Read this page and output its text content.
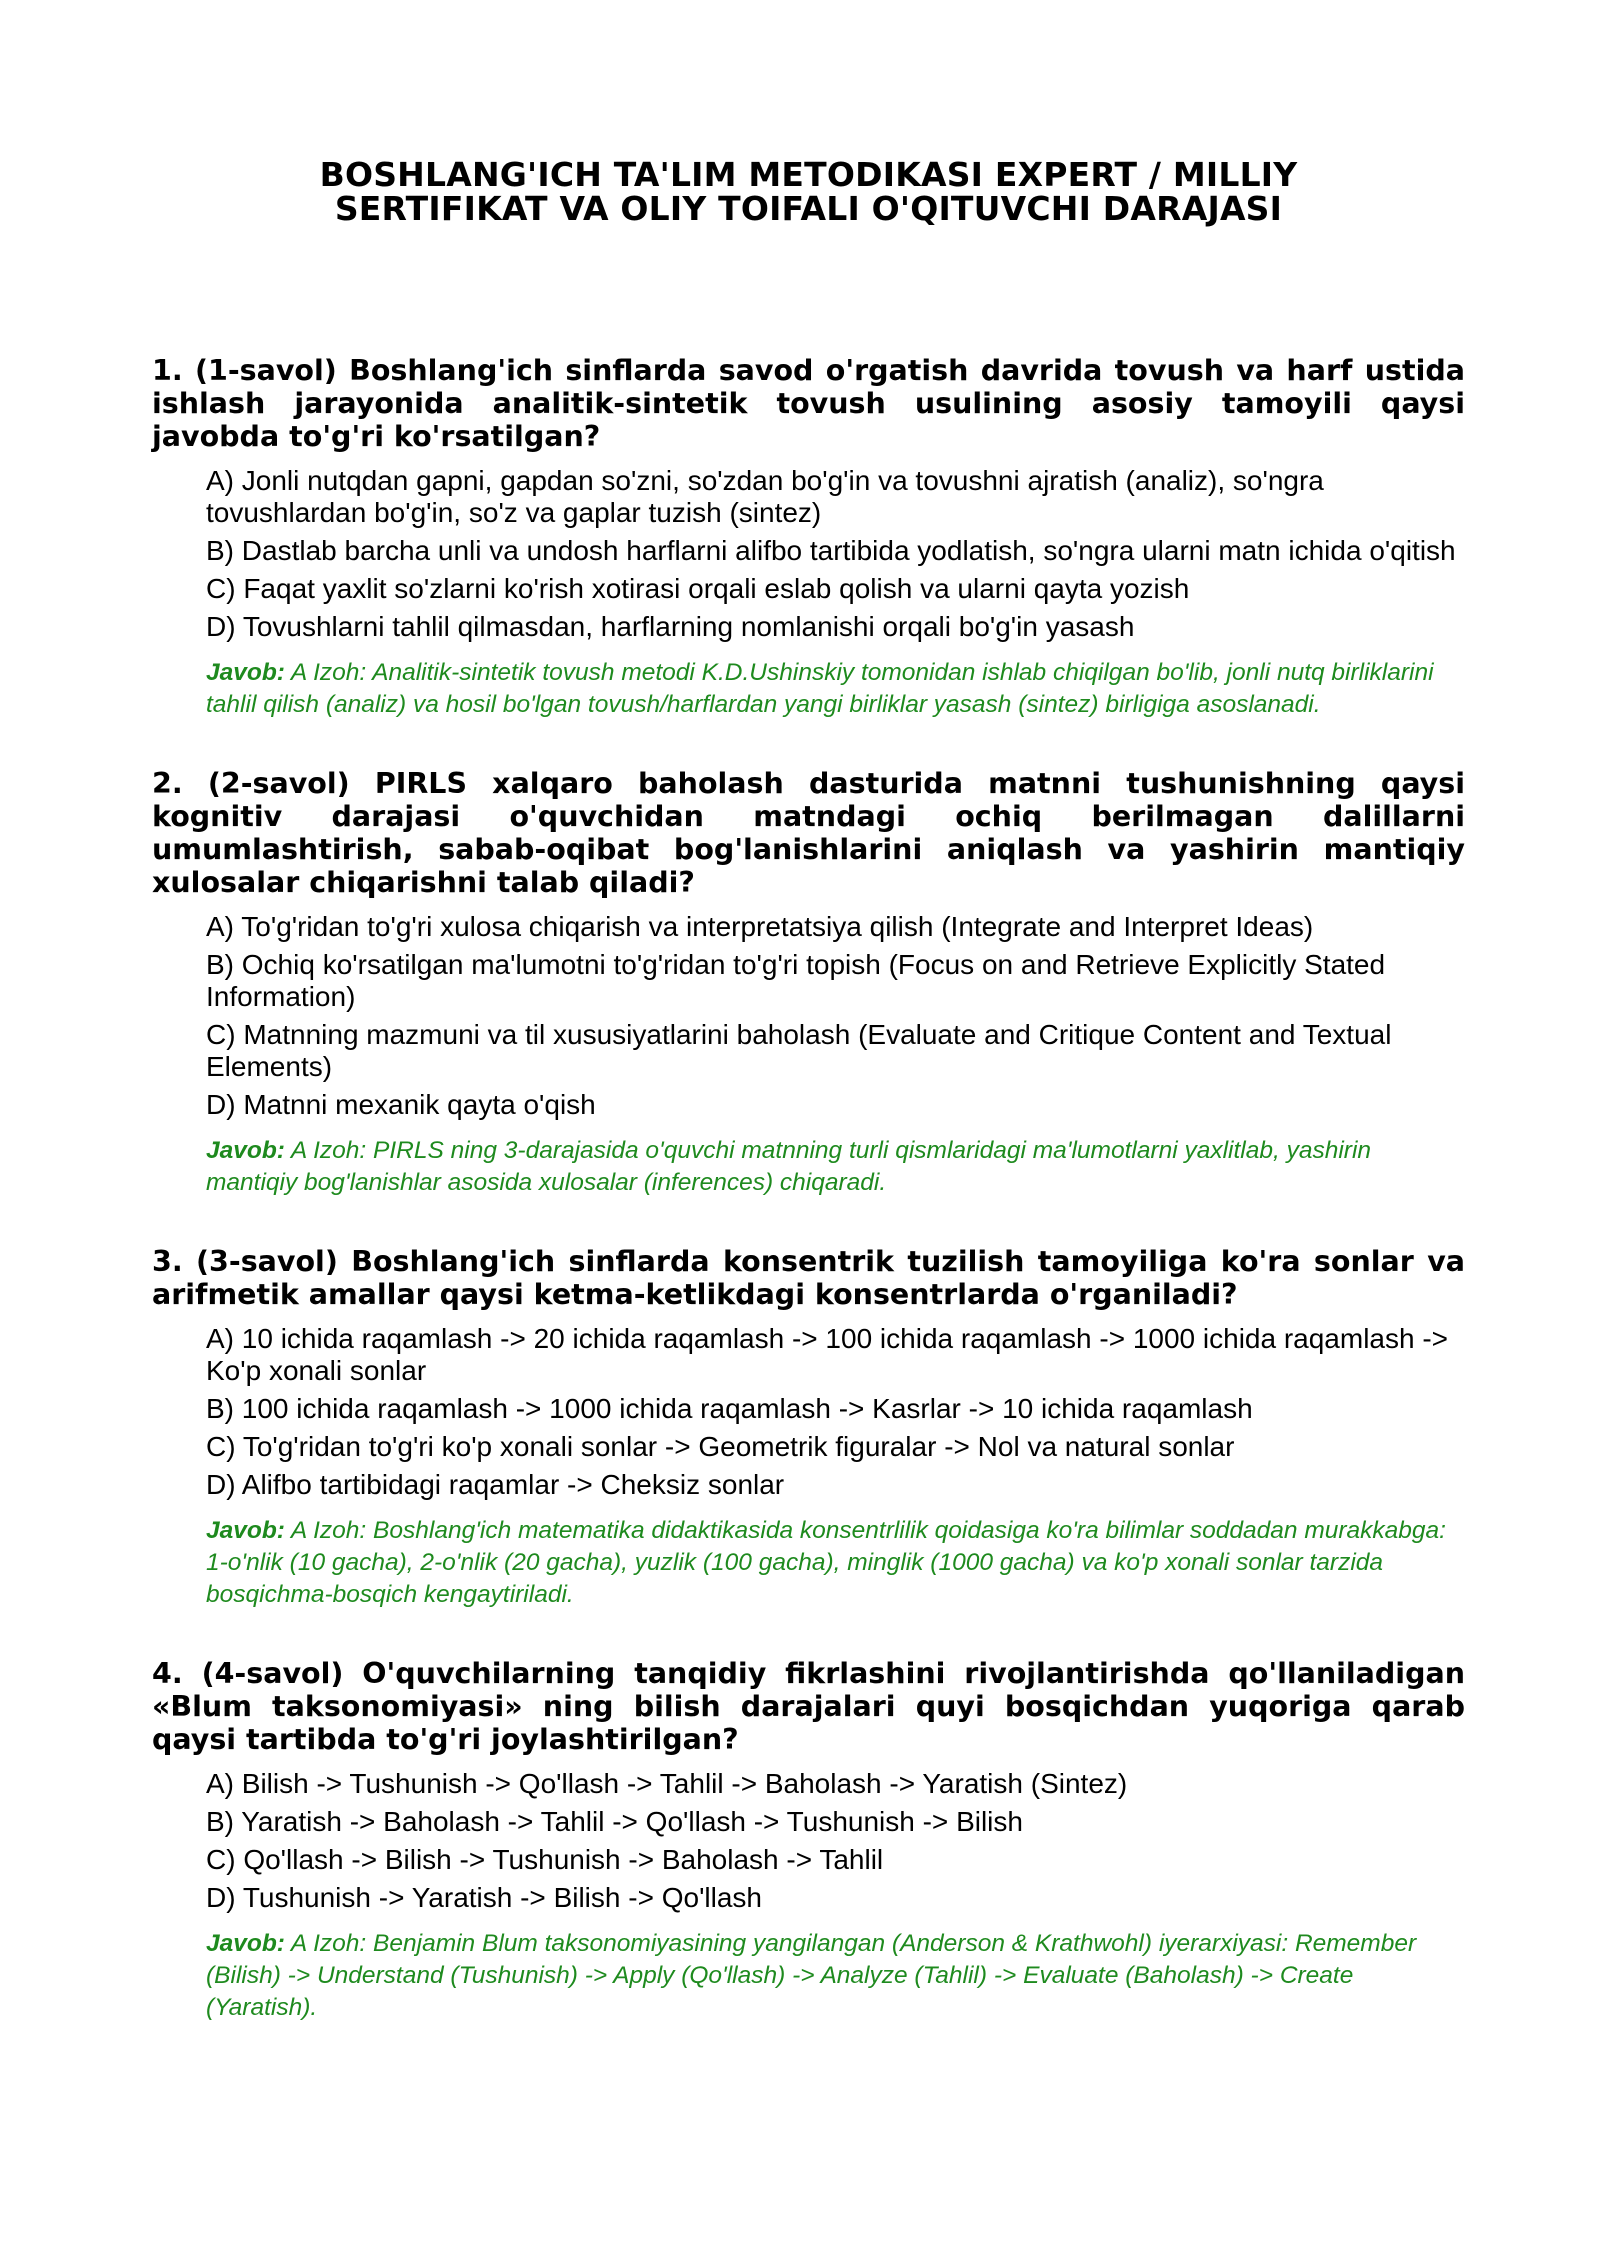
BOSHLANG'ICH TA'LIM METODIKASI EXPERT / MILLIY
SERTIFIKAT VA OLIY TOIFALI O'QITUVCHI DARAJASI
1. (1-savol) Boshlang'ich sinflarda savod o'rgatish davrida tovush va harf ustida ishlash jarayonida analitik-sintetik tovush usulining asosiy tamoyili qaysi javobda to'g'ri ko'rsatilgan?
A) Jonli nutqdan gapni, gapdan so'zni, so'zdan bo'g'in va tovushni ajratish (analiz), so'ngra tovushlardan bo'g'in, so'z va gaplar tuzish (sintez)
B) Dastlab barcha unli va undosh harflarni alifbo tartibida yodlatish, so'ngra ularni matn ichida o'qitish
C) Faqat yaxlit so'zlarni ko'rish xotirasi orqali eslab qolish va ularni qayta yozish
D) Tovushlarni tahlil qilmasdan, harflarning nomlanishi orqali bo'g'in yasash
Javob: A Izoh: Analitik-sintetik tovush metodi K.D.Ushinskiy tomonidan ishlab chiqilgan bo'lib, jonli nutq birliklarini tahlil qilish (analiz) va hosil bo'lgan tovush/harflardan yangi birliklar yasash (sintez) birligiga asoslanadi.
2. (2-savol) PIRLS xalqaro baholash dasturida matnni tushunishning qaysi kognitiv darajasi o'quvchidan matndagi ochiq berilmagan dalillarni umumlashtirish, sabab-oqibat bog'lanishlarini aniqlash va yashirin mantiqiy xulosalar chiqarishni talab qiladi?
A) To'g'ridan to'g'ri xulosa chiqarish va interpretatsiya qilish (Integrate and Interpret Ideas)
B) Ochiq ko'rsatilgan ma'lumotni to'g'ridan to'g'ri topish (Focus on and Retrieve Explicitly Stated Information)
C) Matnning mazmuni va til xususiyatlarini baholash (Evaluate and Critique Content and Textual Elements)
D) Matnni mexanik qayta o'qish
Javob: A Izoh: PIRLS ning 3-darajasida o'quvchi matnning turli qismlaridagi ma'lumotlarni yaxlitlab, yashirin mantiqiy bog'lanishlar asosida xulosalar (inferences) chiqaradi.
3. (3-savol) Boshlang'ich sinflarda konsentrik tuzilish tamoyiliga ko'ra sonlar va arifmetik amallar qaysi ketma-ketlikdagi konsentrlarda o'rganiladi?
A) 10 ichida raqamlash -> 20 ichida raqamlash -> 100 ichida raqamlash -> 1000 ichida raqamlash -> Ko'p xonali sonlar
B) 100 ichida raqamlash -> 1000 ichida raqamlash -> Kasrlar -> 10 ichida raqamlash
C) To'g'ridan to'g'ri ko'p xonali sonlar -> Geometrik figuralar -> Nol va natural sonlar
D) Alifbo tartibidagi raqamlar -> Cheksiz sonlar
Javob: A Izoh: Boshlang'ich matematika didaktikasida konsentrlilik qoidasiga ko'ra bilimlar soddadan murakkabga: 1-o'nlik (10 gacha), 2-o'nlik (20 gacha), yuzlik (100 gacha), minglik (1000 gacha) va ko'p xonali sonlar tarzida bosqichma-bosqich kengaytiriladi.
4. (4-savol) O'quvchilarning tanqidiy fikrlashini rivojlantirishda qo'llaniladigan «Blum taksonomiyasi» ning bilish darajalari quyi bosqichdan yuqoriga qarab qaysi tartibda to'g'ri joylashtirilgan?
A) Bilish -> Tushunish -> Qo'llash -> Tahlil -> Baholash -> Yaratish (Sintez)
B) Yaratish -> Baholash -> Tahlil -> Qo'llash -> Tushunish -> Bilish
C) Qo'llash -> Bilish -> Tushunish -> Baholash -> Tahlil
D) Tushunish -> Yaratish -> Bilish -> Qo'llash
Javob: A Izoh: Benjamin Blum taksonomiyasining yangilangan (Anderson & Krathwohl) iyerarxiyasi: Remember (Bilish) -> Understand (Tushunish) -> Apply (Qo'llash) -> Analyze (Tahlil) -> Evaluate (Baholash) -> Create (Yaratish).
